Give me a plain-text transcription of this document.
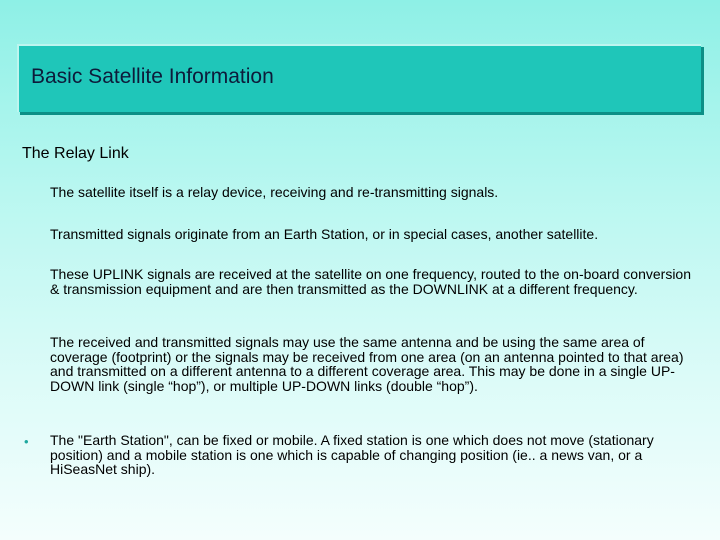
Basic Satellite Information
The Relay Link
The satellite itself is a relay device, receiving and re-transmitting signals.
Transmitted signals originate from an Earth Station, or in special cases, another satellite.
These UPLINK signals are received at the satellite on one frequency, routed to the on-board conversion & transmission equipment and are then transmitted as the DOWNLINK at a different frequency.
The received and transmitted signals may use the same antenna and be using the same area of coverage (footprint) or the signals may be received from one area (on an antenna pointed to that area) and transmitted on a different antenna to a different coverage area. This may be done in a single UP-DOWN link (single “hop”), or multiple UP-DOWN links (double “hop”).
• The "Earth Station", can be fixed or mobile. A fixed station is one which does not move (stationary position) and a mobile station is one which is capable of changing position (ie.. a news van, or a HiSeasNet ship).
